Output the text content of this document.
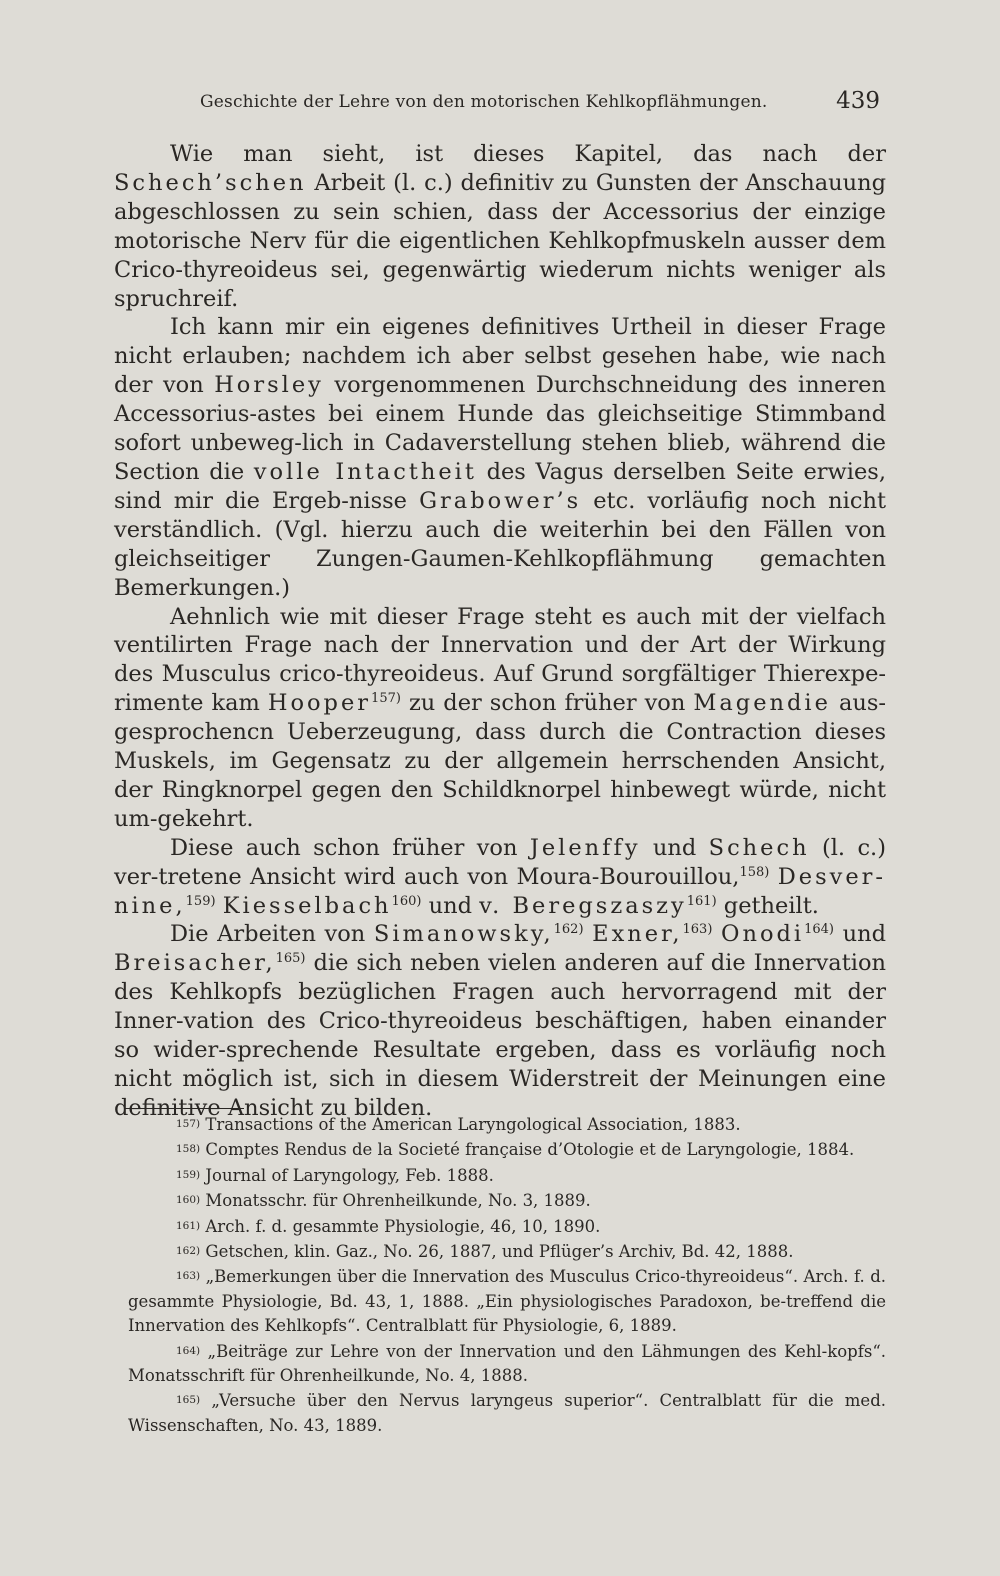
Geschichte der Lehre von den motorischen Kehlkopflähmungen.	439

Wie man sieht, ist dieses Kapitel, das nach der Schech’schen Arbeit (l. c.) definitiv zu Gunsten der Anschauung abgeschlossen zu sein schien, dass der Accessorius der einzige motorische Nerv für die eigentlichen Kehlkopfmuskeln ausser dem Crico-thyreoideus sei, gegenwärtig wiederum nichts weniger als spruchreif.

Ich kann mir ein eigenes definitives Urtheil in dieser Frage nicht erlauben; nachdem ich aber selbst gesehen habe, wie nach der von Horsley vorgenommenen Durchschneidung des inneren Accessorius-astes bei einem Hunde das gleichseitige Stimmband sofort unbeweg-lich in Cadaverstellung stehen blieb, während die Section die volle Intactheit des Vagus derselben Seite erwies, sind mir die Ergeb-nisse Grabower’s etc. vorläufig noch nicht verständlich. (Vgl. hierzu auch die weiterhin bei den Fällen von gleichseitiger Zungen-Gaumen-Kehlkopflähmung gemachten Bemerkungen.)

Aehnlich wie mit dieser Frage steht es auch mit der vielfach ventilirten Frage nach der Innervation und der Art der Wirkung des Musculus crico-thyreoideus. Auf Grund sorgfältiger Thierexpe-rimente kam Hooper$^{157)}$ zu der schon früher von Magendie aus-gesprochencn Ueberzeugung, dass durch die Contraction dieses Muskels, im Gegensatz zu der allgemein herrschenden Ansicht, der Ringknorpel gegen den Schildknorpel hinbewegt würde, nicht um-gekehrt.

Diese auch schon früher von Jelenffy und Schech (l. c.) ver-tretene Ansicht wird auch von Moura-Bourouillou,$^{158)}$ Desver-nine,$^{159)}$ Kiesselbach$^{160)}$ und v. Beregszaszy$^{161)}$ getheilt.

Die Arbeiten von Simanowsky,$^{162)}$ Exner,$^{163)}$ Onodi$^{164)}$ und Breisacher,$^{165)}$ die sich neben vielen anderen auf die Innervation des Kehlkopfs bezüglichen Fragen auch hervorragend mit der Inner-vation des Crico-thyreoideus beschäftigen, haben einander so wider-sprechende Resultate ergeben, dass es vorläufig noch nicht möglich ist, sich in diesem Widerstreit der Meinungen eine definitive Ansicht zu bilden.

157) Transactions of the American Laryngological Association, 1883.

158) Comptes Rendus de la Societé française d’Otologie et de Laryngologie, 1884.

159) Journal of Laryngology, Feb. 1888.

160) Monatsschr. für Ohrenheilkunde, No. 3, 1889.

161) Arch. f. d. gesammte Physiologie, 46, 10, 1890.

162) Getschen, klin. Gaz., No. 26, 1887, und Pflüger’s Archiv, Bd. 42, 1888.

163) „Bemerkungen über die Innervation des Musculus Crico-thyreoideus“. Arch. f. d. gesammte Physiologie, Bd. 43, 1, 1888. „Ein physiologisches Paradoxon, be-treffend die Innervation des Kehlkopfs“. Centralblatt für Physiologie, 6, 1889.

164) „Beiträge zur Lehre von der Innervation und den Lähmungen des Kehl-kopfs“. Monatsschrift für Ohrenheilkunde, No. 4, 1888.

165) „Versuche über den Nervus laryngeus superior“. Centralblatt für die med. Wissenschaften, No. 43, 1889.
